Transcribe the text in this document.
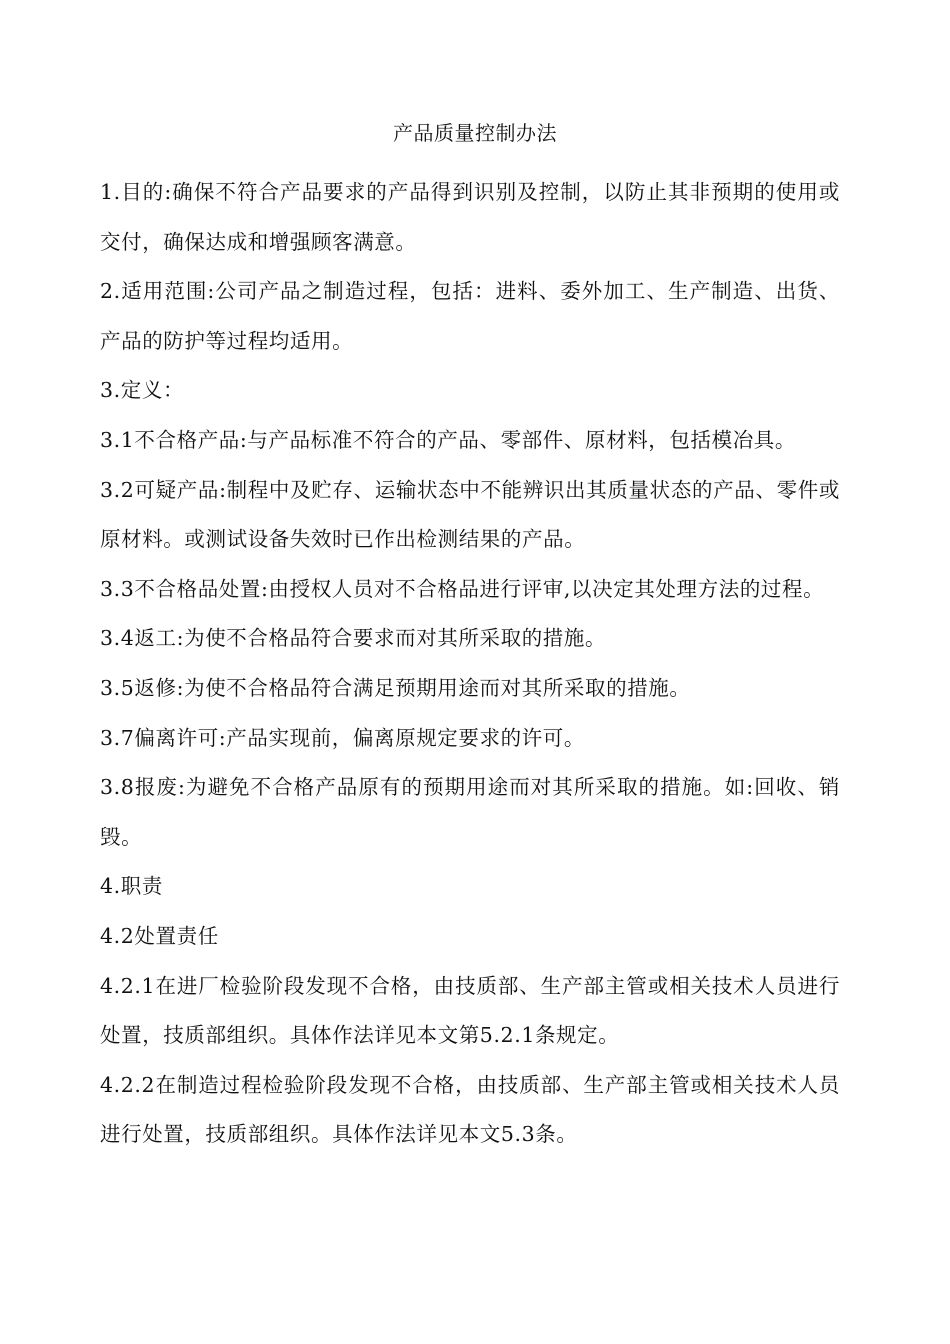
产品质量控制办法

1.目的:确保不符合产品要求的产品得到识别及控制，以防止其非预期的使用或交付，确保达成和增强顾客满意。

2.适用范围:公司产品之制造过程，包括：进料、委外加工、生产制造、出货、产品的防护等过程均适用。

3.定义：

3.1不合格产品:与产品标准不符合的产品、零部件、原材料，包括模冶具。

3.2可疑产品:制程中及贮存、运输状态中不能辨识出其质量状态的产品、零件或原材料。或测试设备失效时已作出检测结果的产品。

3.3不合格品处置:由授权人员对不合格品进行评审,以决定其处理方法的过程。

3.4返工:为使不合格品符合要求而对其所采取的措施。

3.5返修:为使不合格品符合满足预期用途而对其所采取的措施。

3.7偏离许可:产品实现前，偏离原规定要求的许可。

3.8报废:为避免不合格产品原有的预期用途而对其所采取的措施。如:回收、销毁。

4.职责

4.2处置责任

4.2.1在进厂检验阶段发现不合格，由技质部、生产部主管或相关技术人员进行处置，技质部组织。具体作法详见本文第5.2.1条规定。

4.2.2在制造过程检验阶段发现不合格，由技质部、生产部主管或相关技术人员进行处置，技质部组织。具体作法详见本文5.3条。
